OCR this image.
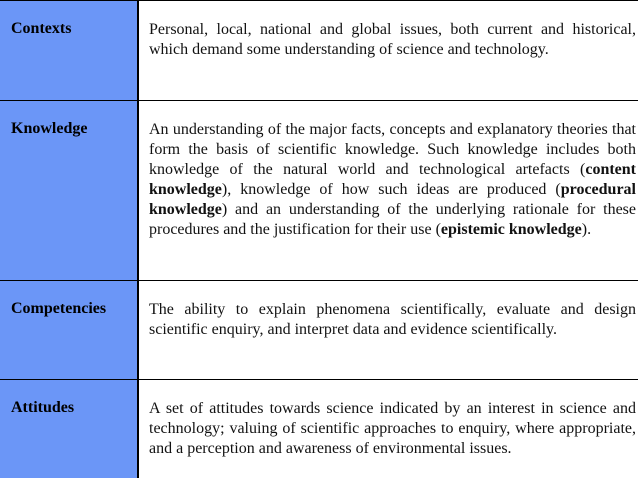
Contexts	Personal, local, national and global issues, both current and historical, which demand some understanding of science and technology.

Knowledge	An understanding of the major facts, concepts and explanatory theories that form the basis of scientific knowledge. Such knowledge includes both knowledge of the natural world and technological artefacts (content knowledge), knowledge of how such ideas are produced (procedural knowledge) and an understanding of the underlying rationale for these procedures and the justification for their use (epistemic knowledge).

Competencies	The ability to explain phenomena scientifically, evaluate and design scientific enquiry, and interpret data and evidence scientifically.

Attitudes	A set of attitudes towards science indicated by an interest in science and technology; valuing of scientific approaches to enquiry, where appropriate, and a perception and awareness of environmental issues.
